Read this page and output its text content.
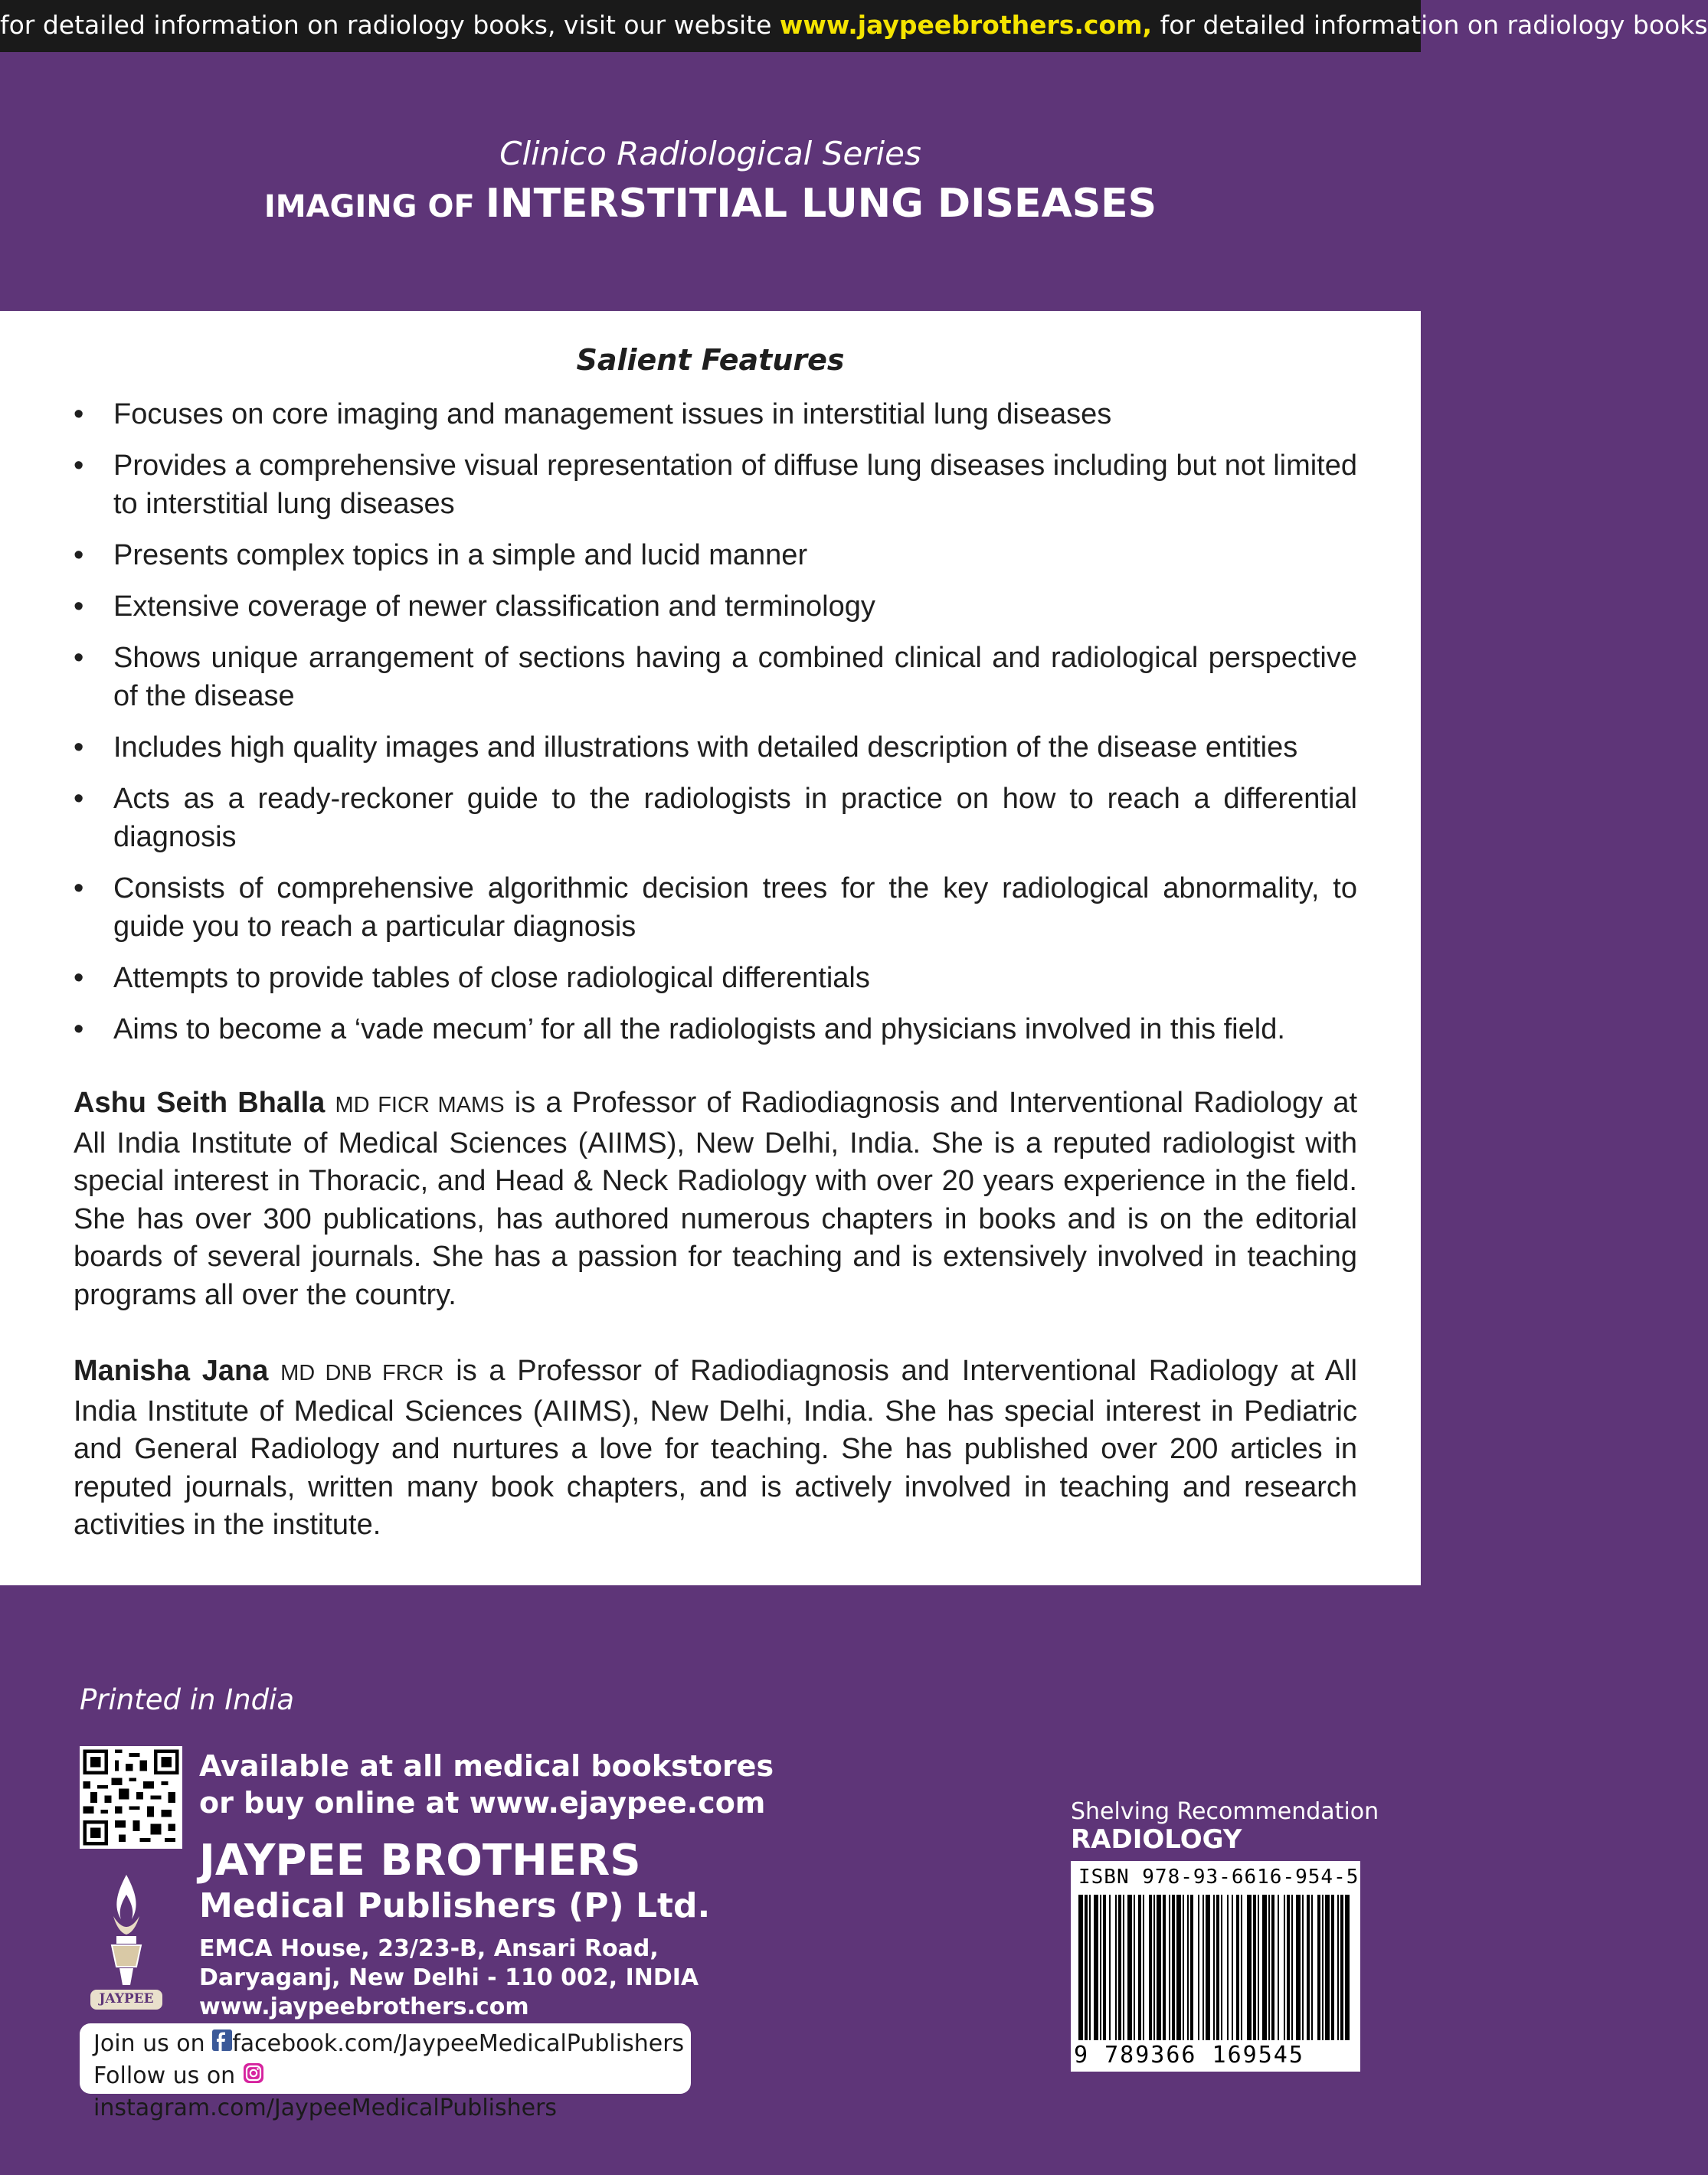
for detailed information on radiology books, visit our website www.jaypeebrothers.com, for detailed information on radiology books
Clinico Radiological Series
IMAGING OF INTERSTITIAL LUNG DISEASES
Salient Features
• Focuses on core imaging and management issues in interstitial lung diseases
• Provides a comprehensive visual representation of diffuse lung diseases including but not limited to interstitial lung diseases
• Presents complex topics in a simple and lucid manner
• Extensive coverage of newer classification and terminology
• Shows unique arrangement of sections having a combined clinical and radiological perspective of the disease
• Includes high quality images and illustrations with detailed description of the disease entities
• Acts as a ready-reckoner guide to the radiologists in practice on how to reach a differential diagnosis
• Consists of comprehensive algorithmic decision trees for the key radiological abnormality, to guide you to reach a particular diagnosis
• Attempts to provide tables of close radiological differentials
• Aims to become a ‘vade mecum’ for all the radiologists and physicians involved in this field.
Ashu Seith Bhalla MD FICR MAMS is a Professor of Radiodiagnosis and Interventional Radiology at All India Institute of Medical Sciences (AIIMS), New Delhi, India. She is a reputed radiologist with special interest in Thoracic, and Head & Neck Radiology with over 20 years experience in the field. She has over 300 publications, has authored numerous chapters in books and is on the editorial boards of several journals. She has a passion for teaching and is extensively involved in teaching programs all over the country.
Manisha Jana MD DNB FRCR is a Professor of Radiodiagnosis and Interventional Radiology at All India Institute of Medical Sciences (AIIMS), New Delhi, India. She has special interest in Pediatric and General Radiology and nurtures a love for teaching. She has published over 200 articles in reputed journals, written many book chapters, and is actively involved in teaching and research activities in the institute.
Printed in India
Available at all medical bookstores
or buy online at www.ejaypee.com
JAYPEE BROTHERS
Medical Publishers (P) Ltd.
EMCA House, 23/23-B, Ansari Road,
Daryaganj, New Delhi - 110 002, INDIA
www.jaypeebrothers.com
JAYPEE
Join us on facebook.com/JaypeeMedicalPublishers
Follow us on instagram.com/JaypeeMedicalPublishers
Shelving Recommendation
RADIOLOGY
ISBN 978-93-6616-954-5
9 789366 169545
